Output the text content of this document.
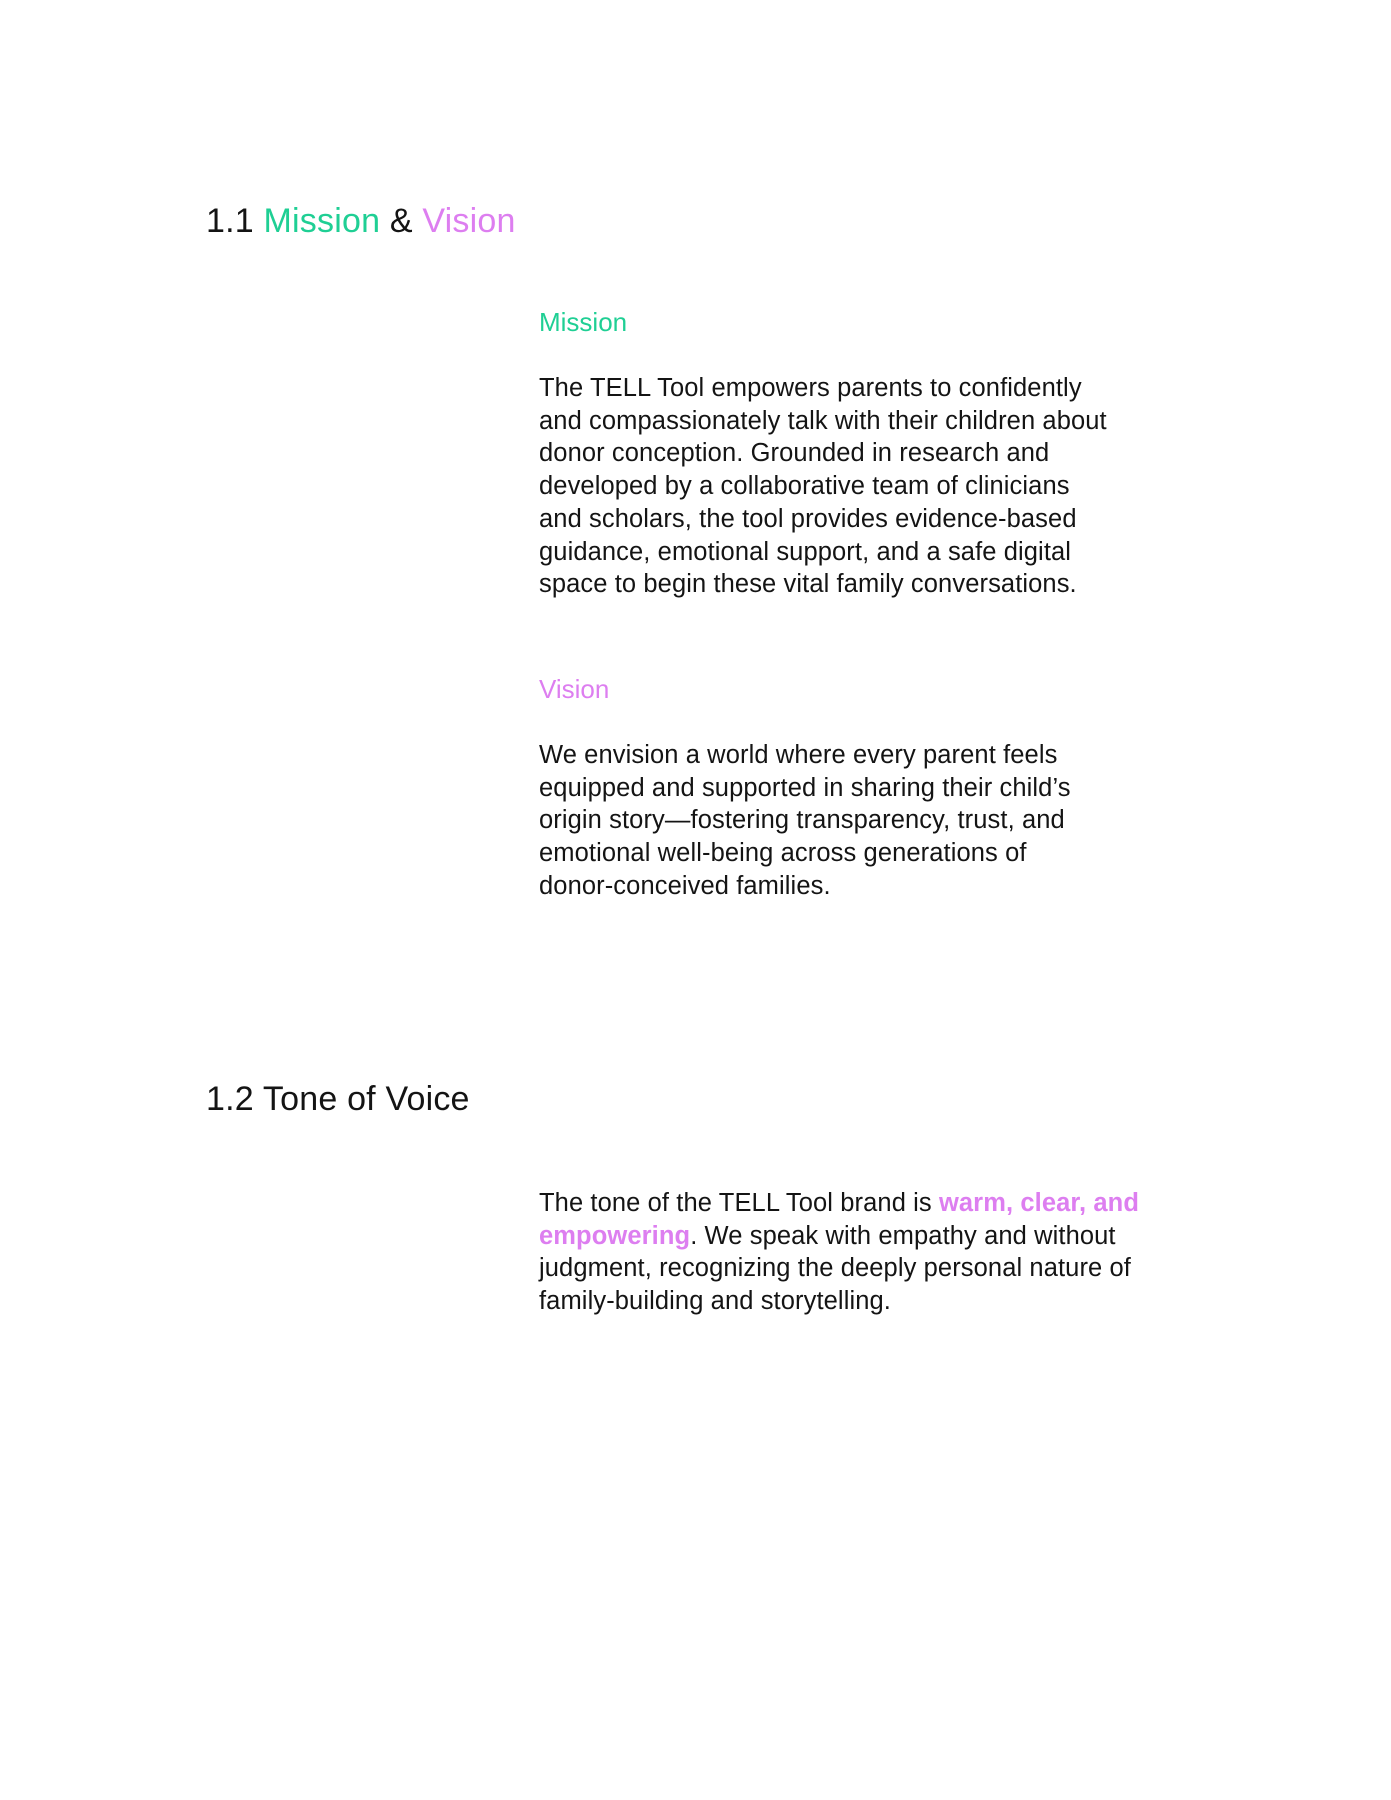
1.1 Mission & Vision
Mission

The TELL Tool empowers parents to confidently
and compassionately talk with their children about
donor conception. Grounded in research and
developed by a collaborative team of clinicians
and scholars, the tool provides evidence-based
guidance, emotional support, and a safe digital
space to begin these vital family conversations.

Vision

We envision a world where every parent feels
equipped and supported in sharing their child’s
origin story—fostering transparency, trust, and
emotional well-being across generations of
donor-conceived families.

1.2 Tone of Voice

The tone of the TELL Tool brand is warm, clear, and
empowering. We speak with empathy and without
judgment, recognizing the deeply personal nature of
family-building and storytelling.
